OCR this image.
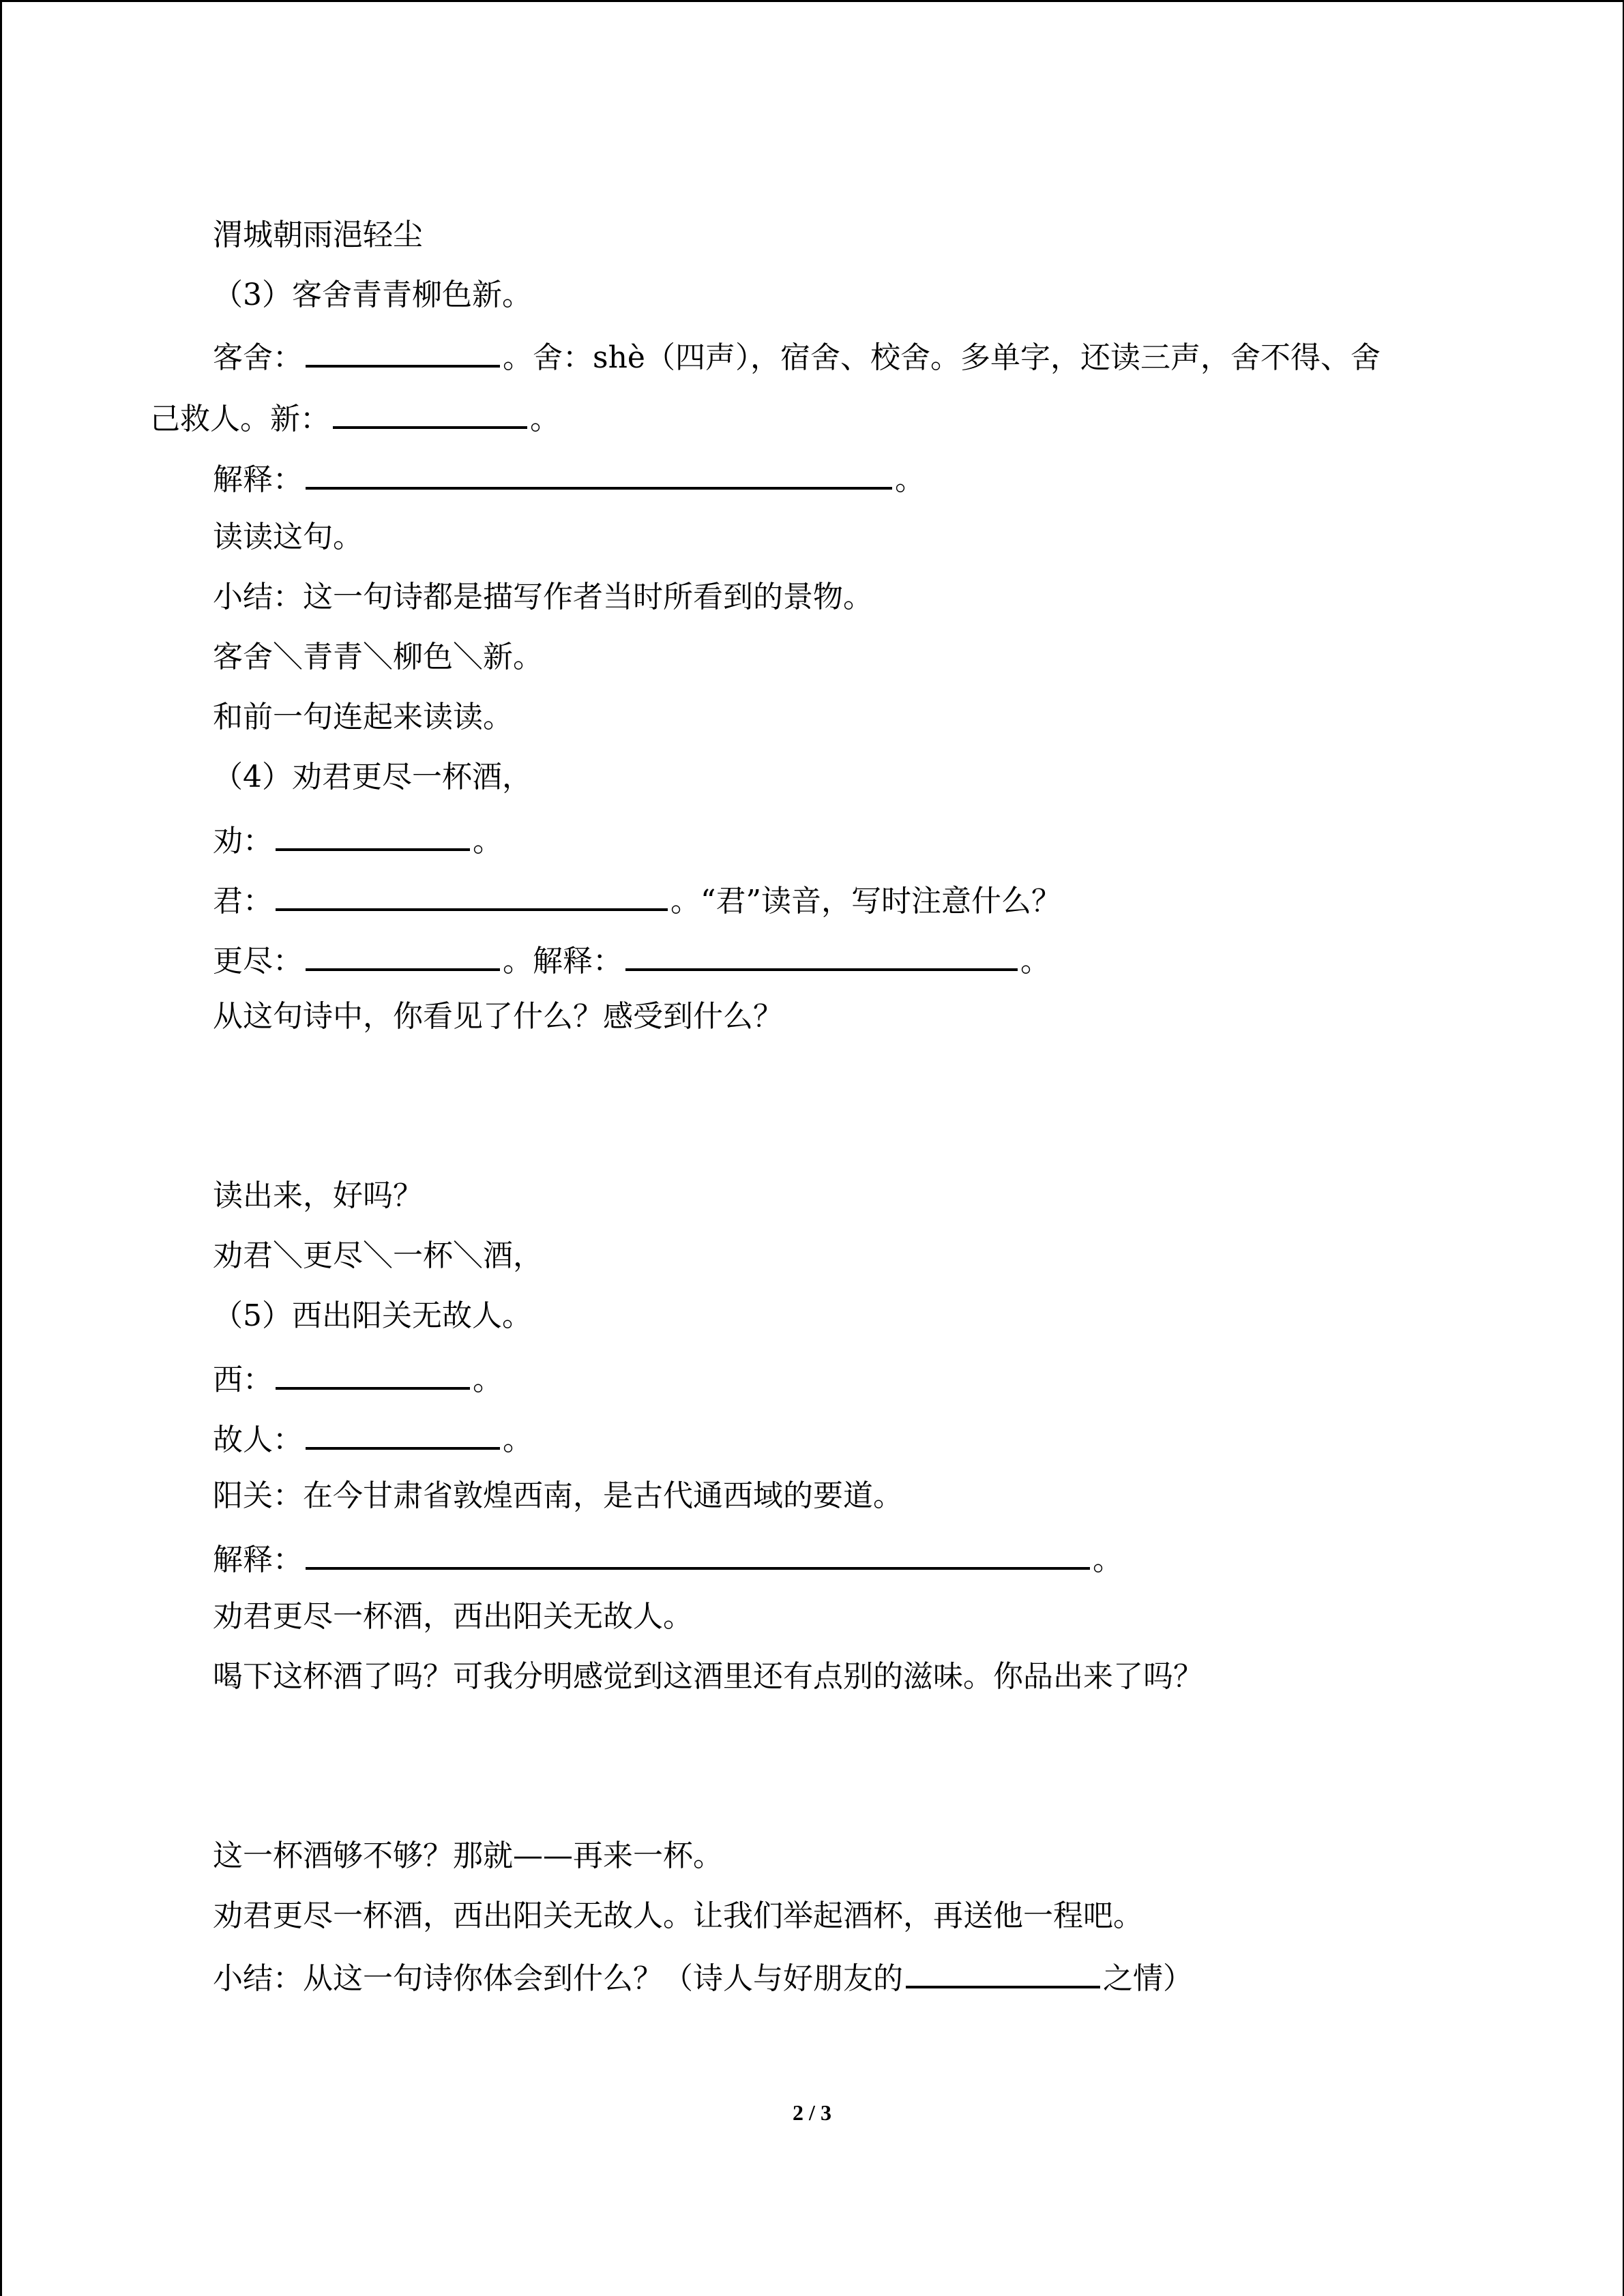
渭城朝雨浥轻尘
（3）客舍青青柳色新。
客舍：	。舍：shè（四声），宿舍、校舍。多单字，还读三声，舍不得、舍
己救人。新：	。
解释：	。
读读这句。
小结：这一句诗都是描写作者当时所看到的景物。
客舍＼青青＼柳色＼新。
和前一句连起来读读。
（4）劝君更尽一杯酒，
劝：	。
君：	。“君”读音，写时注意什么？
更尽：	。解释：	。
从这句诗中，你看见了什么？感受到什么？
读出来，好吗？
劝君＼更尽＼一杯＼酒，
（5）西出阳关无故人。
西：	。
故人：	。
阳关：在今甘肃省敦煌西南，是古代通西域的要道。
解释：	。
劝君更尽一杯酒，西出阳关无故人。
喝下这杯酒了吗？可我分明感觉到这酒里还有点别的滋味。你品出来了吗？
这一杯酒够不够？那就——再来一杯。
劝君更尽一杯酒，西出阳关无故人。让我们举起酒杯，再送他一程吧。
小结：从这一句诗你体会到什么？（诗人与好朋友的	之情）
2 / 3
